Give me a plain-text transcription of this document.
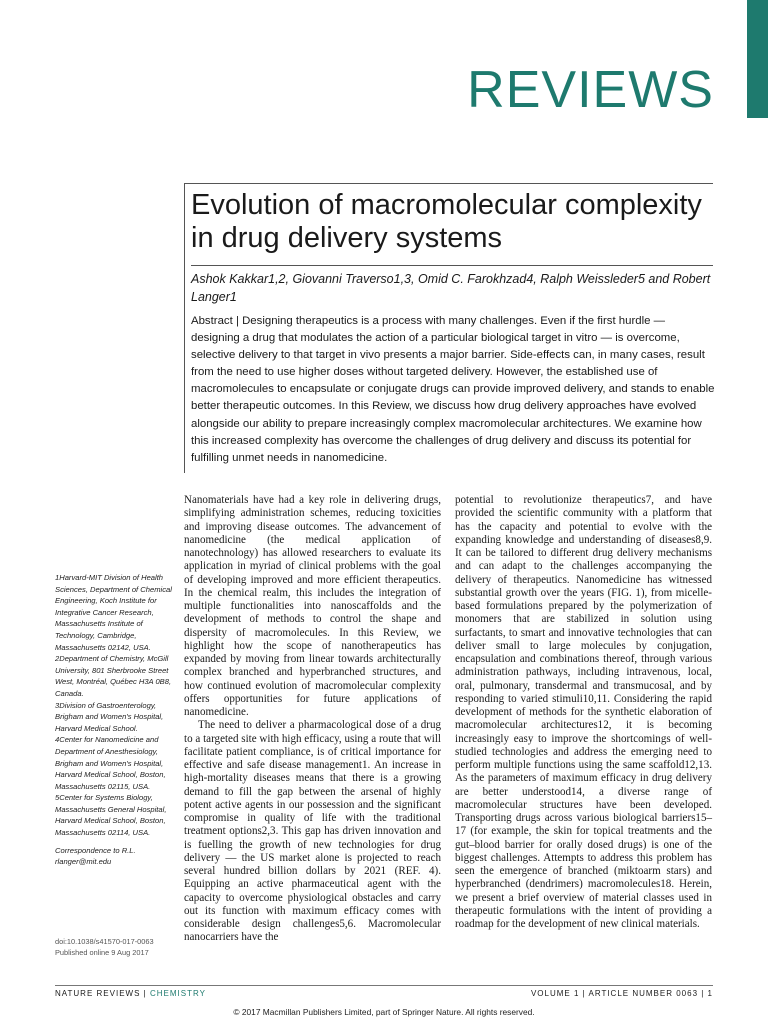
REVIEWS
Evolution of macromolecular complexity in drug delivery systems
Ashok Kakkar1,2, Giovanni Traverso1,3, Omid C. Farokhzad4, Ralph Weissleder5 and Robert Langer1
Abstract | Designing therapeutics is a process with many challenges. Even if the first hurdle — designing a drug that modulates the action of a particular biological target in vitro — is overcome, selective delivery to that target in vivo presents a major barrier. Side-effects can, in many cases, result from the need to use higher doses without targeted delivery. However, the established use of macromolecules to encapsulate or conjugate drugs can provide improved delivery, and stands to enable better therapeutic outcomes. In this Review, we discuss how drug delivery approaches have evolved alongside our ability to prepare increasingly complex macromolecular architectures. We examine how this increased complexity has overcome the challenges of drug delivery and discuss its potential for fulfilling unmet needs in nanomedicine.

1Harvard-MIT Division of Health Sciences, Department of Chemical Engineering, Koch Institute for Integrative Cancer Research, Massachusetts Institute of Technology, Cambridge, Massachusetts 02142, USA.

2Department of Chemistry, McGill University, 801 Sherbrooke Street West, Montréal, Québec H3A 0B8, Canada.

3Division of Gastroenterology, Brigham and Women's Hospital, Harvard Medical School.

4Center for Nanomedicine and Department of Anesthesiology, Brigham and Women's Hospital, Harvard Medical School, Boston, Massachusetts 02115, USA.

5Center for Systems Biology, Massachusetts General Hospital, Harvard Medical School, Boston, Massachusetts 02114, USA.

Correspondence to R.L. rlanger@mit.edu

doi:10.1038/s41570-017-0063
Published online 9 Aug 2017

Nanomaterials have had a key role in delivering drugs, simplifying administration schemes, reducing toxicities and improving disease outcomes. The advancement of nanomedicine (the medical application of nanotechnology) has allowed researchers to evaluate its application in myriad of clinical problems with the goal of developing improved and more efficient therapeutics. In the chemical realm, this includes the integration of multiple functionalities into nanoscaffolds and the development of methods to control the shape and dispersity of macromolecules. In this Review, we highlight how the scope of nanotherapeutics has expanded by moving from linear towards architecturally complex branched and hyperbranched structures, and how continued evolution of macromolecular complexity offers opportunities for future applications of nanomedicine.

The need to deliver a pharmacological dose of a drug to a targeted site with high efficacy, using a route that will facilitate patient compliance, is of critical importance for effective and safe disease management1. An increase in high-mortality diseases means that there is a growing demand to fill the gap between the arsenal of highly potent active agents in our possession and the significant compromise in quality of life with the traditional treatment options2,3. This gap has driven innovation and is fuelling the growth of new technologies for drug delivery — the US market alone is projected to reach several hundred billion dollars by 2021 (REF. 4). Equipping an active pharmaceutical agent with the capacity to overcome physiological obstacles and carry out its function with maximum efficacy comes with considerable design challenges5,6. Macromolecular nanocarriers have the

potential to revolutionize therapeutics7, and have provided the scientific community with a platform that has the capacity and potential to evolve with the expanding knowledge and understanding of diseases8,9. It can be tailored to different drug delivery mechanisms and can adapt to the challenges accompanying the delivery of therapeutics. Nanomedicine has witnessed substantial growth over the years (FIG. 1), from micelle-based formulations prepared by the polymerization of monomers that are stabilized in solution using surfactants, to smart and innovative technologies that can deliver small to large molecules by conjugation, encapsulation and combinations thereof, through various administration pathways, including intravenous, local, oral, pulmonary, transdermal and transmucosal, and by responding to varied stimuli10,11. Considering the rapid development of methods for the synthetic elaboration of macromolecular architectures12, it is becoming increasingly easy to improve the shortcomings of well-studied technologies and address the emerging need to perform multiple functions using the same scaffold12,13. As the parameters of maximum efficacy in drug delivery are better understood14, a diverse range of macromolecular structures have been developed. Transporting drugs across various biological barriers15–17 (for example, the skin for topical treatments and the gut–blood barrier for orally dosed drugs) is one of the biggest challenges. Attempts to address this problem has seen the emergence of branched (miktoarm stars) and hyperbranched (dendrimers) macromolecules18. Herein, we present a brief overview of material classes used in therapeutic formulations with the intent of providing a roadmap for the development of new clinical materials.

NATURE REVIEWS | CHEMISTRY	VOLUME 1 | ARTICLE NUMBER 0063 | 1
© 2017 Macmillan Publishers Limited, part of Springer Nature. All rights reserved.
